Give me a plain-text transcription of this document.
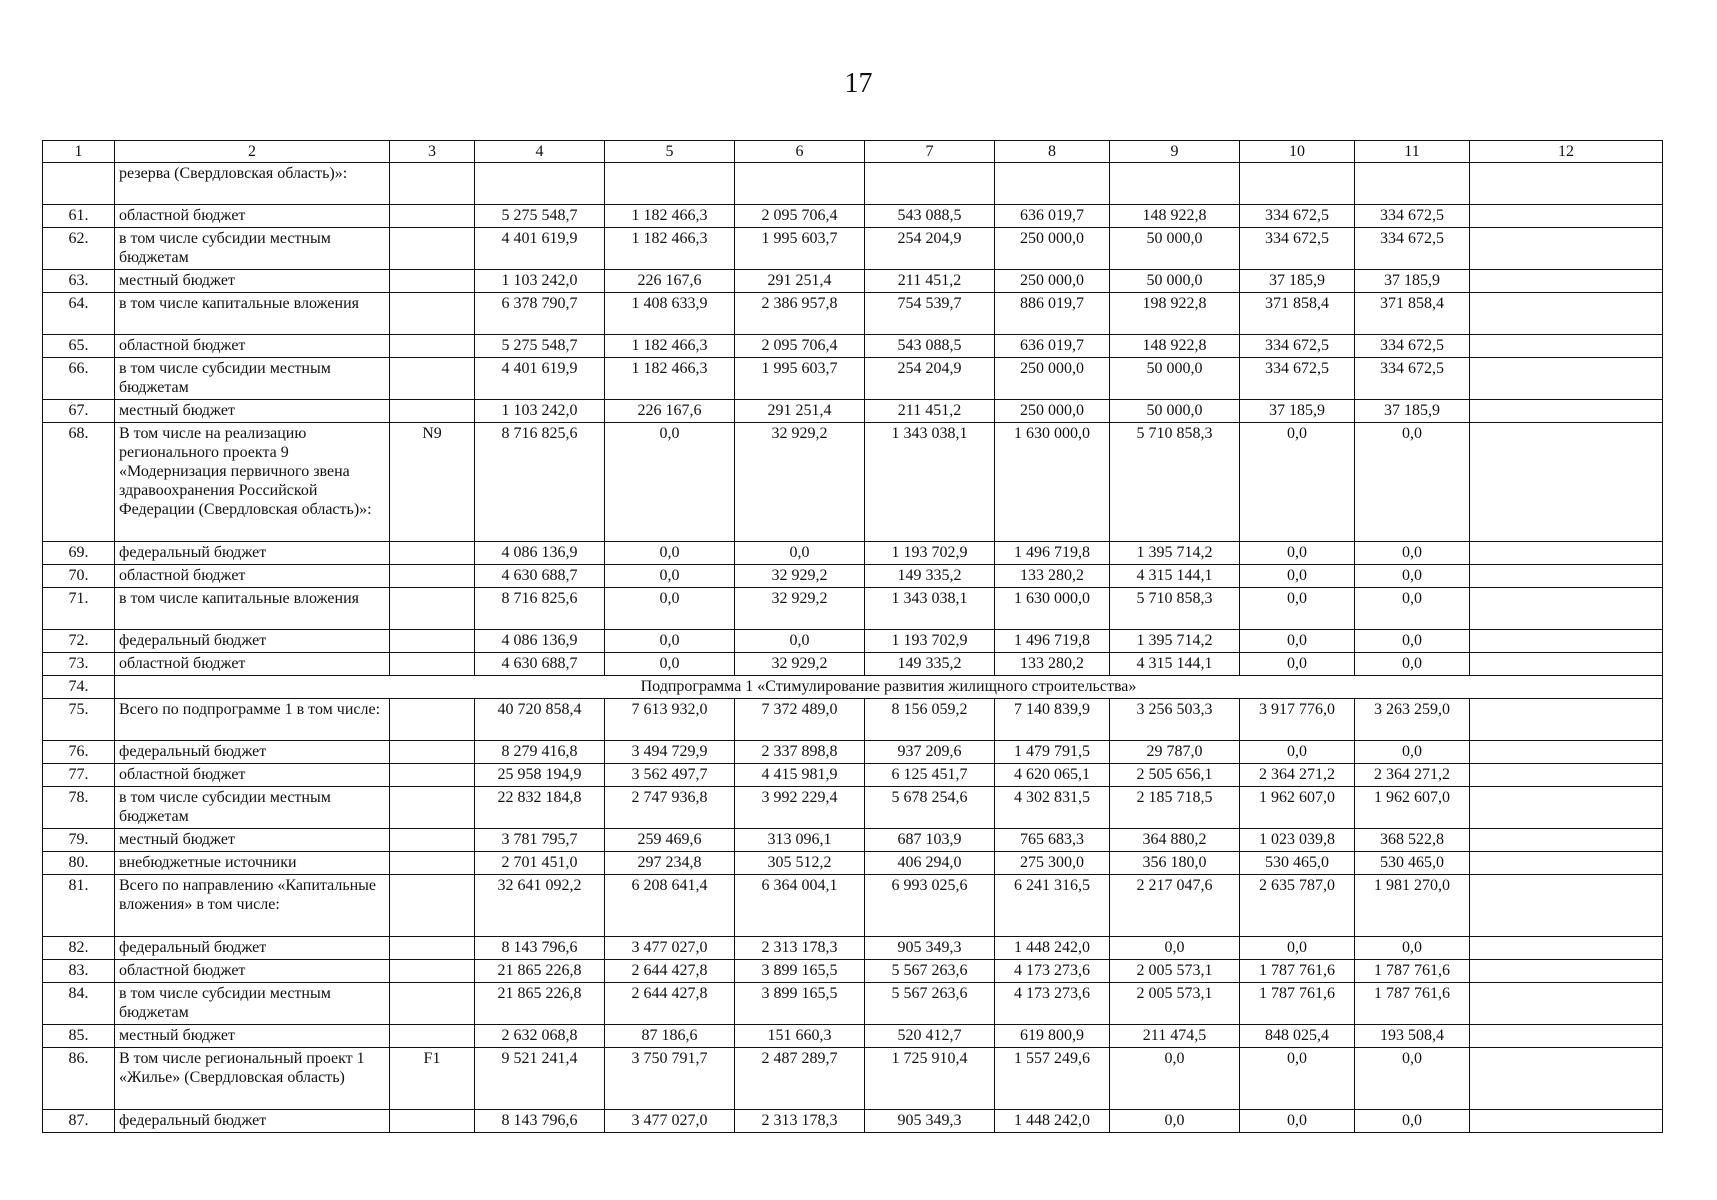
17
1	2	3	4	5	6	7	8	9	10	11	12
	резерва (Свердловская область)»:										
61.	областной бюджет		5 275 548,7	1 182 466,3	2 095 706,4	543 088,5	636 019,7	148 922,8	334 672,5	334 672,5	
62.	в том числе субсидии местным бюджетам		4 401 619,9	1 182 466,3	1 995 603,7	254 204,9	250 000,0	50 000,0	334 672,5	334 672,5	
63.	местный бюджет		1 103 242,0	226 167,6	291 251,4	211 451,2	250 000,0	50 000,0	37 185,9	37 185,9	
64.	в том числе капитальные вложения		6 378 790,7	1 408 633,9	2 386 957,8	754 539,7	886 019,7	198 922,8	371 858,4	371 858,4	
65.	областной бюджет		5 275 548,7	1 182 466,3	2 095 706,4	543 088,5	636 019,7	148 922,8	334 672,5	334 672,5	
66.	в том числе субсидии местным бюджетам		4 401 619,9	1 182 466,3	1 995 603,7	254 204,9	250 000,0	50 000,0	334 672,5	334 672,5	
67.	местный бюджет		1 103 242,0	226 167,6	291 251,4	211 451,2	250 000,0	50 000,0	37 185,9	37 185,9	
68.	В том числе на реализацию регионального проекта 9 «Модернизация первичного звена здравоохранения Российской Федерации (Свердловская область)»:	N9	8 716 825,6	0,0	32 929,2	1 343 038,1	1 630 000,0	5 710 858,3	0,0	0,0	
69.	федеральный бюджет		4 086 136,9	0,0	0,0	1 193 702,9	1 496 719,8	1 395 714,2	0,0	0,0	
70.	областной бюджет		4 630 688,7	0,0	32 929,2	149 335,2	133 280,2	4 315 144,1	0,0	0,0	
71.	в том числе капитальные вложения		8 716 825,6	0,0	32 929,2	1 343 038,1	1 630 000,0	5 710 858,3	0,0	0,0	
72.	федеральный бюджет		4 086 136,9	0,0	0,0	1 193 702,9	1 496 719,8	1 395 714,2	0,0	0,0	
73.	областной бюджет		4 630 688,7	0,0	32 929,2	149 335,2	133 280,2	4 315 144,1	0,0	0,0	
74.	Подпрограмма 1 «Стимулирование развития жилищного строительства»										
75.	Всего по подпрограмме 1 в том числе:		40 720 858,4	7 613 932,0	7 372 489,0	8 156 059,2	7 140 839,9	3 256 503,3	3 917 776,0	3 263 259,0	
76.	федеральный бюджет		8 279 416,8	3 494 729,9	2 337 898,8	937 209,6	1 479 791,5	29 787,0	0,0	0,0	
77.	областной бюджет		25 958 194,9	3 562 497,7	4 415 981,9	6 125 451,7	4 620 065,1	2 505 656,1	2 364 271,2	2 364 271,2	
78.	в том числе субсидии местным бюджетам		22 832 184,8	2 747 936,8	3 992 229,4	5 678 254,6	4 302 831,5	2 185 718,5	1 962 607,0	1 962 607,0	
79.	местный бюджет		3 781 795,7	259 469,6	313 096,1	687 103,9	765 683,3	364 880,2	1 023 039,8	368 522,8	
80.	внебюджетные источники		2 701 451,0	297 234,8	305 512,2	406 294,0	275 300,0	356 180,0	530 465,0	530 465,0	
81.	Всего по направлению «Капитальные вложения» в том числе:		32 641 092,2	6 208 641,4	6 364 004,1	6 993 025,6	6 241 316,5	2 217 047,6	2 635 787,0	1 981 270,0	
82.	федеральный бюджет		8 143 796,6	3 477 027,0	2 313 178,3	905 349,3	1 448 242,0	0,0	0,0	0,0	
83.	областной бюджет		21 865 226,8	2 644 427,8	3 899 165,5	5 567 263,6	4 173 273,6	2 005 573,1	1 787 761,6	1 787 761,6	
84.	в том числе субсидии местным бюджетам		21 865 226,8	2 644 427,8	3 899 165,5	5 567 263,6	4 173 273,6	2 005 573,1	1 787 761,6	1 787 761,6	
85.	местный бюджет		2 632 068,8	87 186,6	151 660,3	520 412,7	619 800,9	211 474,5	848 025,4	193 508,4	
86.	В том числе региональный проект 1 «Жилье» (Свердловская область)	F1	9 521 241,4	3 750 791,7	2 487 289,7	1 725 910,4	1 557 249,6	0,0	0,0	0,0	
87.	федеральный бюджет		8 143 796,6	3 477 027,0	2 313 178,3	905 349,3	1 448 242,0	0,0	0,0	0,0	
